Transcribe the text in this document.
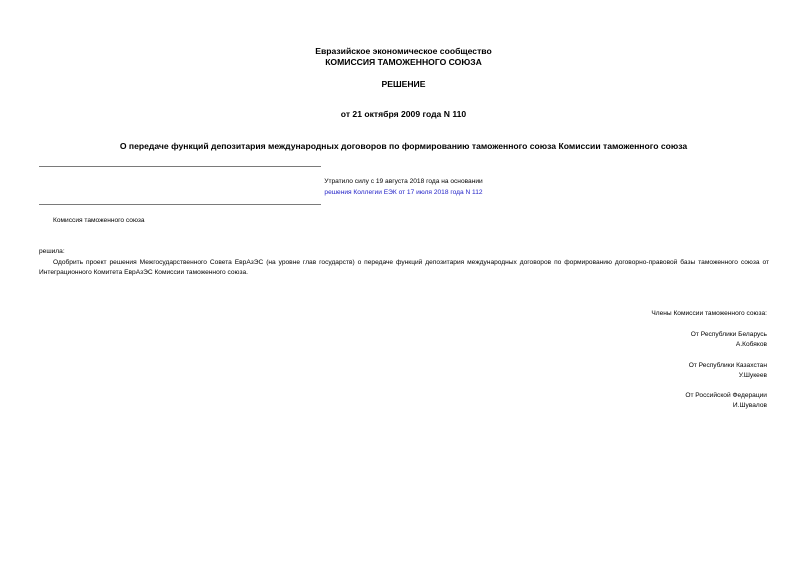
Евразийское экономическое сообщество
КОМИССИЯ ТАМОЖЕННОГО СОЮЗА
РЕШЕНИЕ
от 21 октября 2009 года N 110
О передаче функций депозитария международных договоров по формированию таможенного союза Комиссии таможенного союза
Утратило силу с 19 августа 2018 года на основании
решения Коллегии ЕЭК от 17 июля 2018 года N 112
Комиссия таможенного союза
решила:
Одобрить проект решения Межгосударственного Совета ЕврАзЭС (на уровне глав государств) о передаче функций депозитария международных договоров по формированию договорно-правовой базы таможенного союза от Интеграционного Комитета ЕврАзЭС Комиссии таможенного союза.
Члены Комиссии таможенного союза:
От Республики Беларусь
А.Кобяков
От Республики Казахстан
У.Шукеев
От Российской Федерации
И.Шувалов
